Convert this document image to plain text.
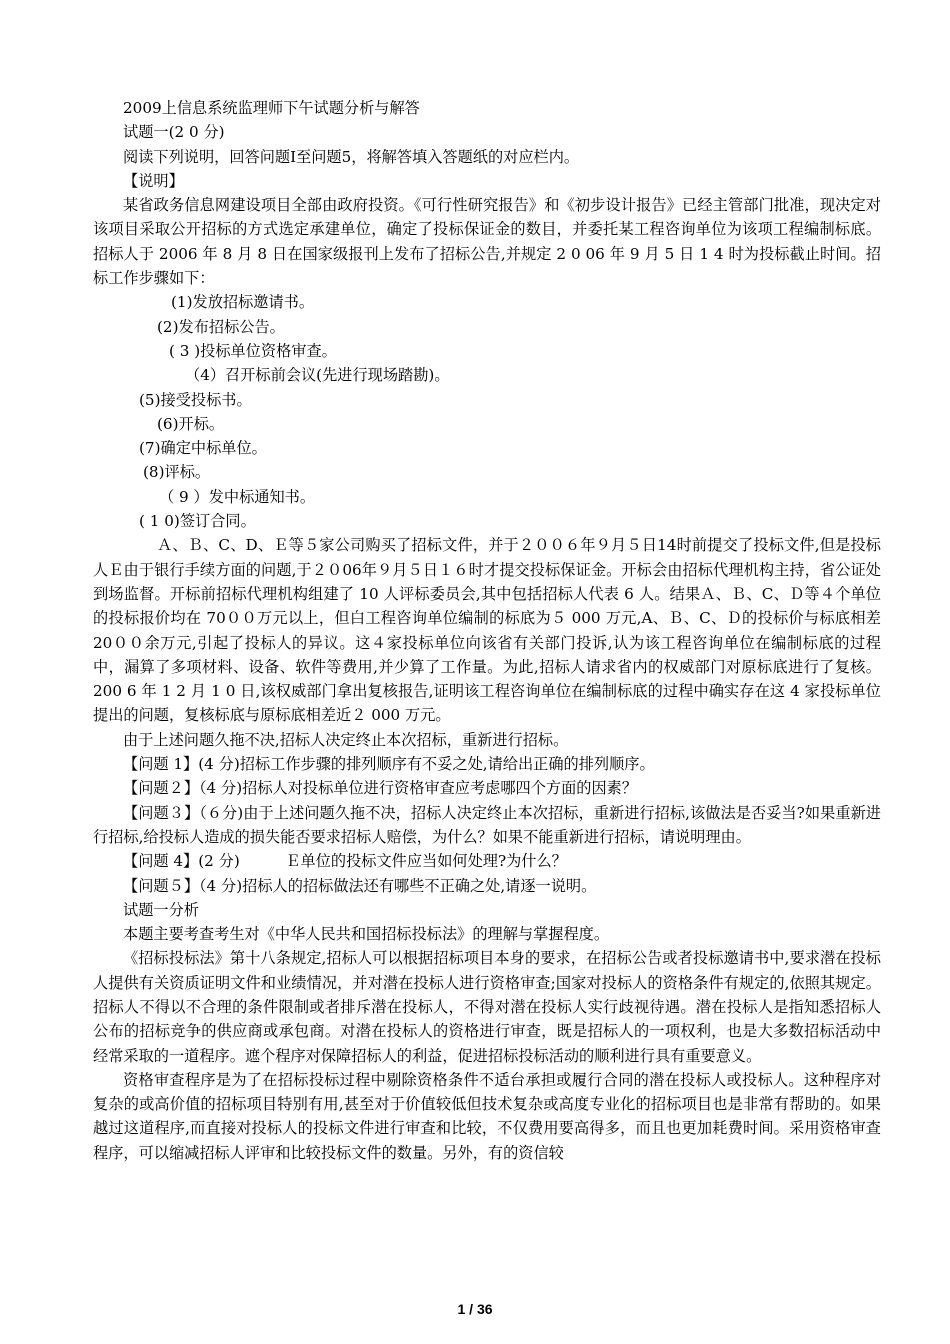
2009上信息系统监理师下午试题分析与解答
试题一(2 0 分)
阅读下列说明，回答问题Ⅰ至问题5，将解答填入答题纸的对应栏内。
【说明】

某省政务信息网建设项目全部由政府投资。《可行性研究报告》和《初步设计报告》已经主管部门批准，现决定对该项目采取公开招标的方式选定承建单位，确定了投标保证金的数目，并委托某工程咨询单位为该项工程编制标底。招标人于 2006 年 8 月 8 日在国家级报刊上发布了招标公告,并规定 2 0 06 年 9 月 5 日 1 4 时为投标截止时间。招标工作步骤如下：

(1)发放招标邀请书。
(2)发布招标公告。
( 3 )投标单位资格审查。
（4）召开标前会议(先进行现场踏勘)。
(5)接受投标书。
(6)开标。
(7)确定中标单位。
(8)评标。
（ 9 ）发中标通知书。
( 1 0)签订合同。

Ａ、Ｂ、C、D、Ｅ等５家公司购买了招标文件，并于２００６年９月５日14时前提交了投标文件,但是投标人Ｅ由于银行手续方面的问题,于２０06年９月５日１６时才提交投标保证金。开标会由招标代理机构主持，省公证处到场监督。开标前招标代理机构组建了 10 人评标委员会,其中包括招标人代表 6 人。结果Ａ、Ｂ、C、Ｄ等４个单位的投标报价均在 70００万元以上，但白工程咨询单位编制的标底为５ 000 万元,A、Ｂ、C、Ｄ的投标价与标底相差 20００余万元,引起了投标人的异议。这４家投标单位向该省有关部门投诉,认为该工程咨询单位在编制标底的过程中，漏算了多项材料、设备、软件等费用,并少算了工作量。为此,招标人请求省内的权威部门对原标底进行了复核。200 6 年 1 2 月 1 0 日,该权威部门拿出复核报告,证明该工程咨询单位在编制标底的过程中确实存在这 4 家投标单位提出的问题，复核标底与原标底相差近２ 000 万元。

由于上述问题久拖不决,招标人决定终止本次招标，重新进行招标。

【问题 1】(4 分)招标工作步骤的排列顺序有不妥之处,请给出正确的排列顺序。

【问题２】（4 分)招标人对投标单位进行资格审查应考虑哪四个方面的因素？

【问题３】（６分)由于上述问题久拖不决，招标人决定终止本次招标，重新进行招标,该做法是否妥当?如果重新进行招标,给投标人造成的损失能否要求招标人赔偿，为什么？如果不能重新进行招标，请说明理由。

【问题 4】(2 分)　　　Ｅ单位的投标文件应当如何处理?为什么？

【问题５】（4 分)招标人的招标做法还有哪些不正确之处,请逐一说明。

试题一分析

本题主要考查考生对《中华人民共和国招标投标法》的理解与掌握程度。

《招标投标法》第十八条规定,招标人可以根据招标项目本身的要求，在招标公告或者投标邀请书中,要求潜在投标人提供有关资质证明文件和业绩情况，并对潜在投标人进行资格审查;国家对投标人的资格条件有规定的,依照其规定。招标人不得以不合理的条件限制或者排斥潜在投标人，不得对潜在投标人实行歧视待遇。潜在投标人是指知悉招标人公布的招标竞争的供应商或承包商。对潜在投标人的资格进行审查，既是招标人的一项权利，也是大多数招标活动中经常采取的一道程序。遮个程序对保障招标人的利益，促进招标投标活动的顺利进行具有重要意义。

资格审查程序是为了在招标投标过程中剔除资格条件不适台承担或履行合同的潜在投标人或投标人。这种程序对复杂的或高价值的招标项目特别有用,甚至对于价值较低但技术复杂或高度专业化的招标项目也是非常有帮助的。如果越过这道程序,而直接对投标人的投标文件进行审查和比较，不仅费用要高得多，而且也更加耗费时间。采用资格审查程序，可以缩减招标人评审和比较投标文件的数量。另外，有的资信较

1 / 36
